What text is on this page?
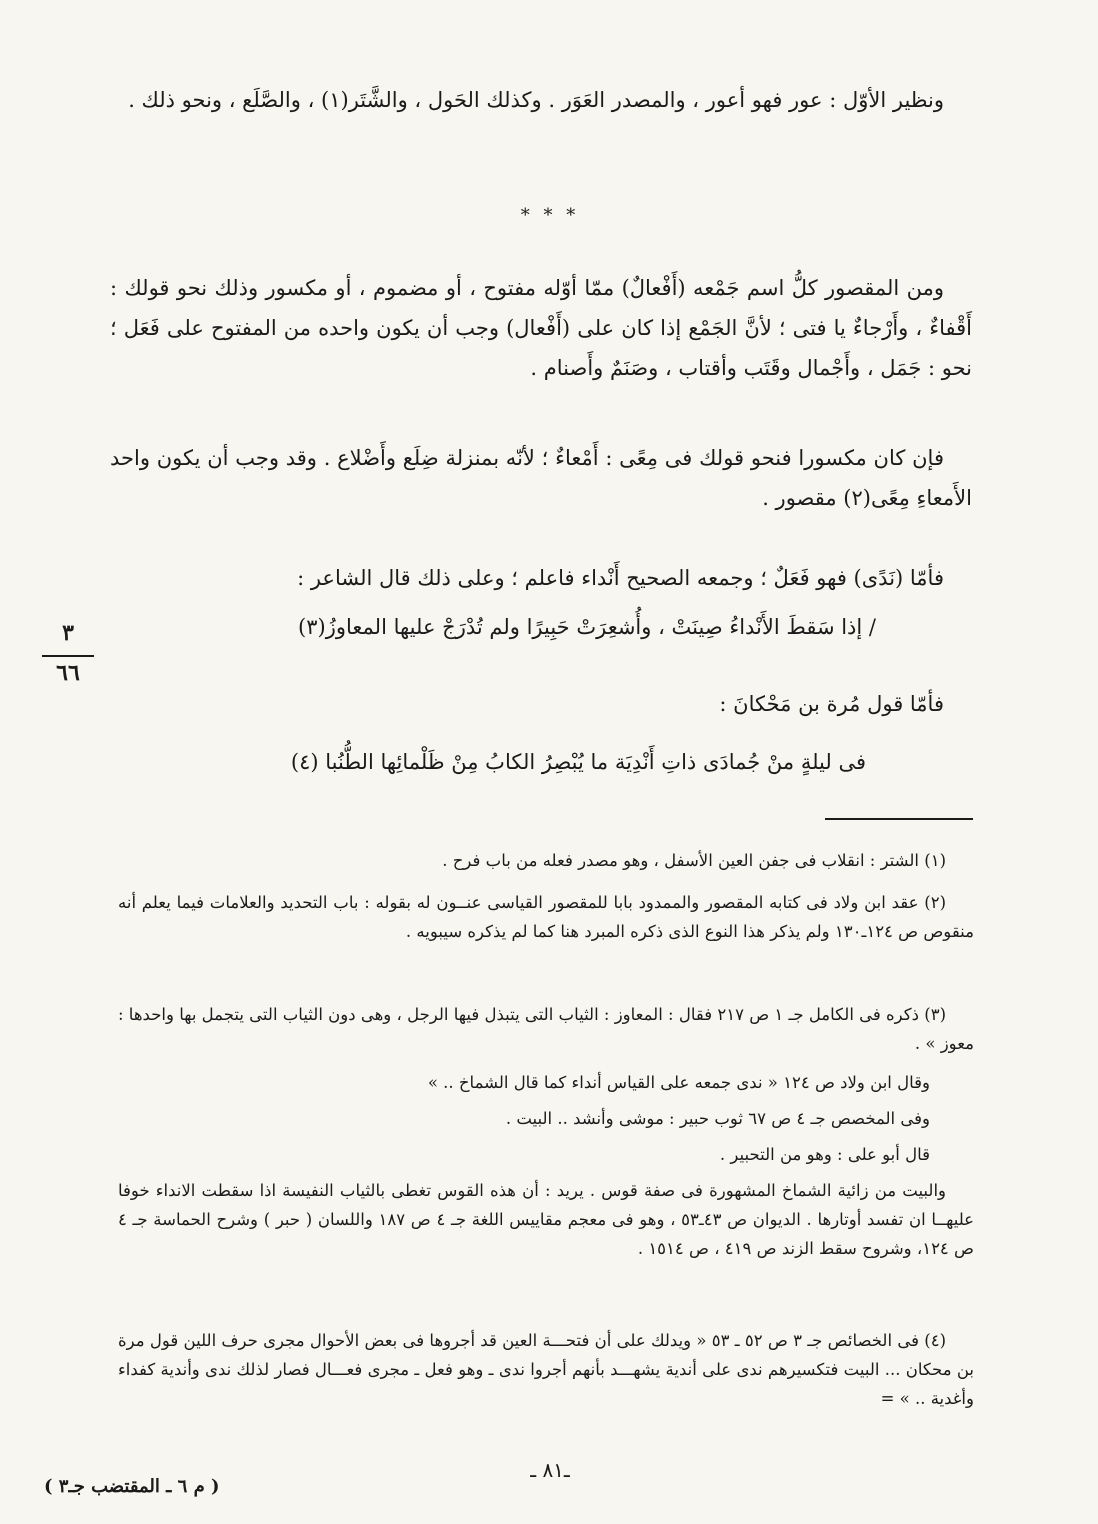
ونظير الأوّل : عور فهو أعور ، والمصدر العَوَر . وكذلك الحَول ، والشَّتَر(١) ، والصَّلَع ، ونحو ذلك .

* * *

ومن المقصور كلُّ اسم جَمْعه (أَفْعالٌ) ممّا أوّله مفتوح ، أو مضموم ، أو مكسور وذلك نحو قولك : أَقْفاءٌ ، وأَرْجاءٌ يا فتى ؛ لأنَّ الجَمْع إذا كان على (أَفْعال) وجب أن يكون واحده من المفتوح على فَعَل ؛ نحو : جَمَل ، وأَجْمال وقَتَب وأقتاب ، وصَنَمٌ وأَصنام .

فإن كان مكسورا فنحو قولك فى مِعًى : أَمْعاءٌ ؛ لأنّه بمنزلة ضِلَع وأَضْلاع . وقد وجب أن يكون واحد الأَمعاءِ مِعًى(٢) مقصور .

فأمّا (نَدًى) فهو فَعَلٌ ؛ وجمعه الصحيح أَنْداء فاعلم ؛ وعلى ذلك قال الشاعر :

/ إذا سَقطَ الأَنْداءُ صِينَتْ ، وأُشعِرَتْ حَبِيرًا ولم تُدْرَجْ عليها المعاوزُ(٣)

فأمّا قول مُرة بن مَحْكانَ :

فى ليلةٍ منْ جُمادَى ذاتِ أَنْدِيَة ما يُبْصِرُ الكابُ مِنْ ظَلْمائِها الطُّنُبا (٤)
٣
٦٦

(١) الشتر : انقلاب فى جفن العين الأسفل ، وهو مصدر فعله من باب فرح .

(٢) عقد ابن ولاد فى كتابه المقصور والممدود بابا للمقصور القياسى عنــون له بقوله : باب التحديد والعلامات فيما يعلم أنه منقوص ص ١٢٤ـ١٣٠ ولم يذكر هذا النوع الذى ذكره المبرد هنا كما لم يذكره سيبويه .

(٣) ذكره فى الكامل جـ ١ ص ٢١٧ فقال : المعاوز : الثياب التى يتبذل فيها الرجل ، وهى دون الثياب التى يتجمل بها واحدها : معوز » .

وقال ابن ولاد ص ١٢٤ « ندى جمعه على القياس أنداء كما قال الشماخ .. »

وفى المخصص جـ ٤ ص ٦٧ ثوب حبير : موشى وأنشد .. البيت .

قال أبو على : وهو من التحبير .

والبيت من زائية الشماخ المشهورة فى صفة قوس . يريد : أن هذه القوس تغطى بالثياب النفيسة اذا سقطت الانداء خوفا عليهــا ان تفسد أوتارها . الديوان ص ٤٣ـ٥٣ ، وهو فى معجم مقاييس اللغة جـ ٤ ص ١٨٧ واللسان ( حبر ) وشرح الحماسة جـ ٤ ص ١٢٤، وشروح سقط الزند ص ٤١٩ ، ص ١٥١٤ .

(٤) فى الخصائص جـ ٣ ص ٥٢ ـ ٥٣ « ويدلك على أن فتحـــة العين قد أجروها فى بعض الأحوال مجرى حرف اللين قول مرة بن محكان ... البيت فتكسيرهم ندى على أندية يشهـــد بأنهم أجروا ندى ـ وهو فعل ـ مجرى فعـــال فصار لذلك ندى وأندية كفداء وأغدية .. » =

ـ٨١ ـ
( م ٦ ـ المقتضب جـ٣ )
